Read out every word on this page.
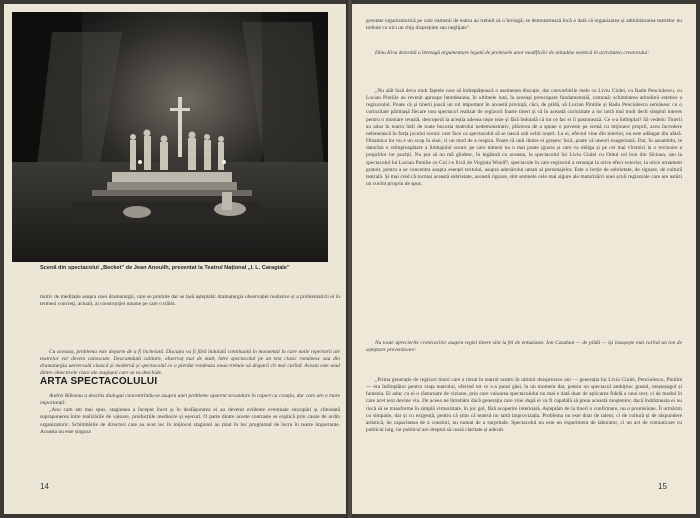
Scenă din spectacolul „Becket" de Jean Anouilh, prezentat la Teatrul Național „I. L. Caragiale"

motiv de meditație asupra unei dramaturgii, care se promite dar se lasă așteptată: dramaturgia observației realistice și a problematicii ei în termeni concreți, actuali, ai construcției umane pe care o trăim.

Cu aceasta, problema este departe de a fi încheiată. Discuția va fi fără îndoială continuată în momentul în care noile repertorii ale teatrelor vor deveni cunoscute. Deocamdată calitativ, observaț mai de mult, între spectacolul pe un text clasic românesc sau din dramaturgia universală clasică și modernă și spectacolul ce a pierdut rondeaza noua trebuie să dispară cît mai curînd. Acesta este unul dintre obiectivele clare ale stagiunii care se va deschide.

ARTA SPECTACOLULUI

Andrei Băleanu a deschis dialogul concentrîndu-se asupra unei probleme aparent secundare în raport cu creația, dar care are o mare importanță:

„Anu cam am mai spus, stagiunea a început încet și în desfășurarea ei au devenit evidente eventuale sincopări și cîteodată suprapunerea între realizările de valoare, producțiile mediocre și eșecuri. O parte dintre aceste contraste se explică prin cauze de ordin organizatoric. Schimbările de directori care au avut loc în mijlocul stagiunii au ținut în loc programul de lucru în teatre importante. Aceasta nu este singura

14

greutate organizatorică pe care oamenii de teatru au trebuit să o învingă; se demonstrează încă o dată că organizarea și administrarea teatrelor nu trebuie cu nici un chip disprețuite sau neglijate".

Dinu Kivu dezvoltă o întreagă argumentare legată de premisele unor modificări de atitudine estetică în activitatea creatorului:

„Nu alăt însă deva mult faptele care să îndreptățească o asemenea discuție, dar convorbirile mele cu Liviu Ciulei, cu Radu Penciulescu, cu Lucian Pintilie au revenit aproape întotdeauna, în ultimele luni, la aceeași preocupare fundamentală, comună: schimbarea atitudinii estetice a regizorului. Poate că și tinerii joacă un rol important în această privință; căci, de pildă, să Lucian Pintilie și Radu Penciulescu semănesc cu o curiozitate pătimașă fiecare nou spectacol realizat de regizorii foarte tineri și că în această curiozitate a lor intră mai mult decît simplul interes pentru o montare reușită, descoperă la aceștia adesea niște teze și fără îndoială că tot ce fac ei îi pasionează. Ce s-a întîmplat? Să vedem: Tinerii au adus în teatru întîi de toate bucuria teatrului nedemonstrativ, plăcerea de a spune o poveste pe scenă cu mijloace proprii, acea încredere nebunească în forța jocului scenic care face ca spectacolul să se nască sub ochii noștri. La ei, efectul vine din interior, nu este adăugat din afară. Dinamica lor nu e un scop în sine, ci un mod de a respira. Poate că unii dintre ei greșesc încă, poate că uneori exagerează. Dar, în ansamblu, le datorăm o reîmprospătare a limbajului scenic pe care nimeni nu o mai poate ignora și care va obliga și pe cei mai vîrstnici la o revizuire a propriilor lor poziții. Nu pot să nu mă gîndesc, în legătură cu aceasta, la spectacolul lui Liviu Ciulei cu Omul cel bun din Sîciuan, sau la spectacolul lui Lucian Pintilie cu Cui i-e frică de Virginia Woolf?, spectacole în care regizorul a renunțat la orice efect exterior, la orice ornament gratuit, pentru a se concentra asupra esenței textului, asupra adevărului uman al personajelor. Este o lecție de sobrietate, de rigoare, de cultură teatrală. Și mai cred că tocmai această sobrietate, această rigoare, sînt semnele cele mai sigure ale maturizării unei școli regizorale care are astăzi un cuvînt propriu de spus.

Nu toate aprecierile cronicarilor asupra regiei tinere sînt la fel de entuziaste. Ion Cazaban — de pildă — își însușește mai curînd un ton de așteptare prevenitoare:

„Prima generație de regizori tineri care a intrat în teatrul nostru în ultimii doisprezece ani — generația lui Liviu Ciulei, Penciulescu, Pintilie — era întîmplător pentru viața teatrului, oferind tot ce s-a putut găsi, la un moment dat, pentru un spectacol ambițios: gustul, meșteșugul și fantezia. Ei aduc cu ei o răsturnare de viziune, prin care valoarea spectacolului nu mai e dată doar de aplicarea fidelă a unui text, ci de modul în care acel text devine viu. De aceea ne întrebăm dacă generația care vine după ei va fi capabilă să preia această moștenire; dacă îndrăzneala ei nu riscă să se transforme în simplă virtuozitate, în joc gol, fără acoperire interioară. Așteptăm de la tineri o confirmare, nu o promisiune. Îi urmărim cu simpatie, dar și cu exigență, pentru că știm că teatrul nu iartă improvizația. Problema nu este doar de talent, ci de cultură și de răspundere artistică, de capacitatea de a construi, nu numai de a surprinde. Spectacolul nu este un experiment de laborator, ci un act de comunicare cu publicul larg, iar publicul are dreptul să ceară claritate și adevăr.

15
